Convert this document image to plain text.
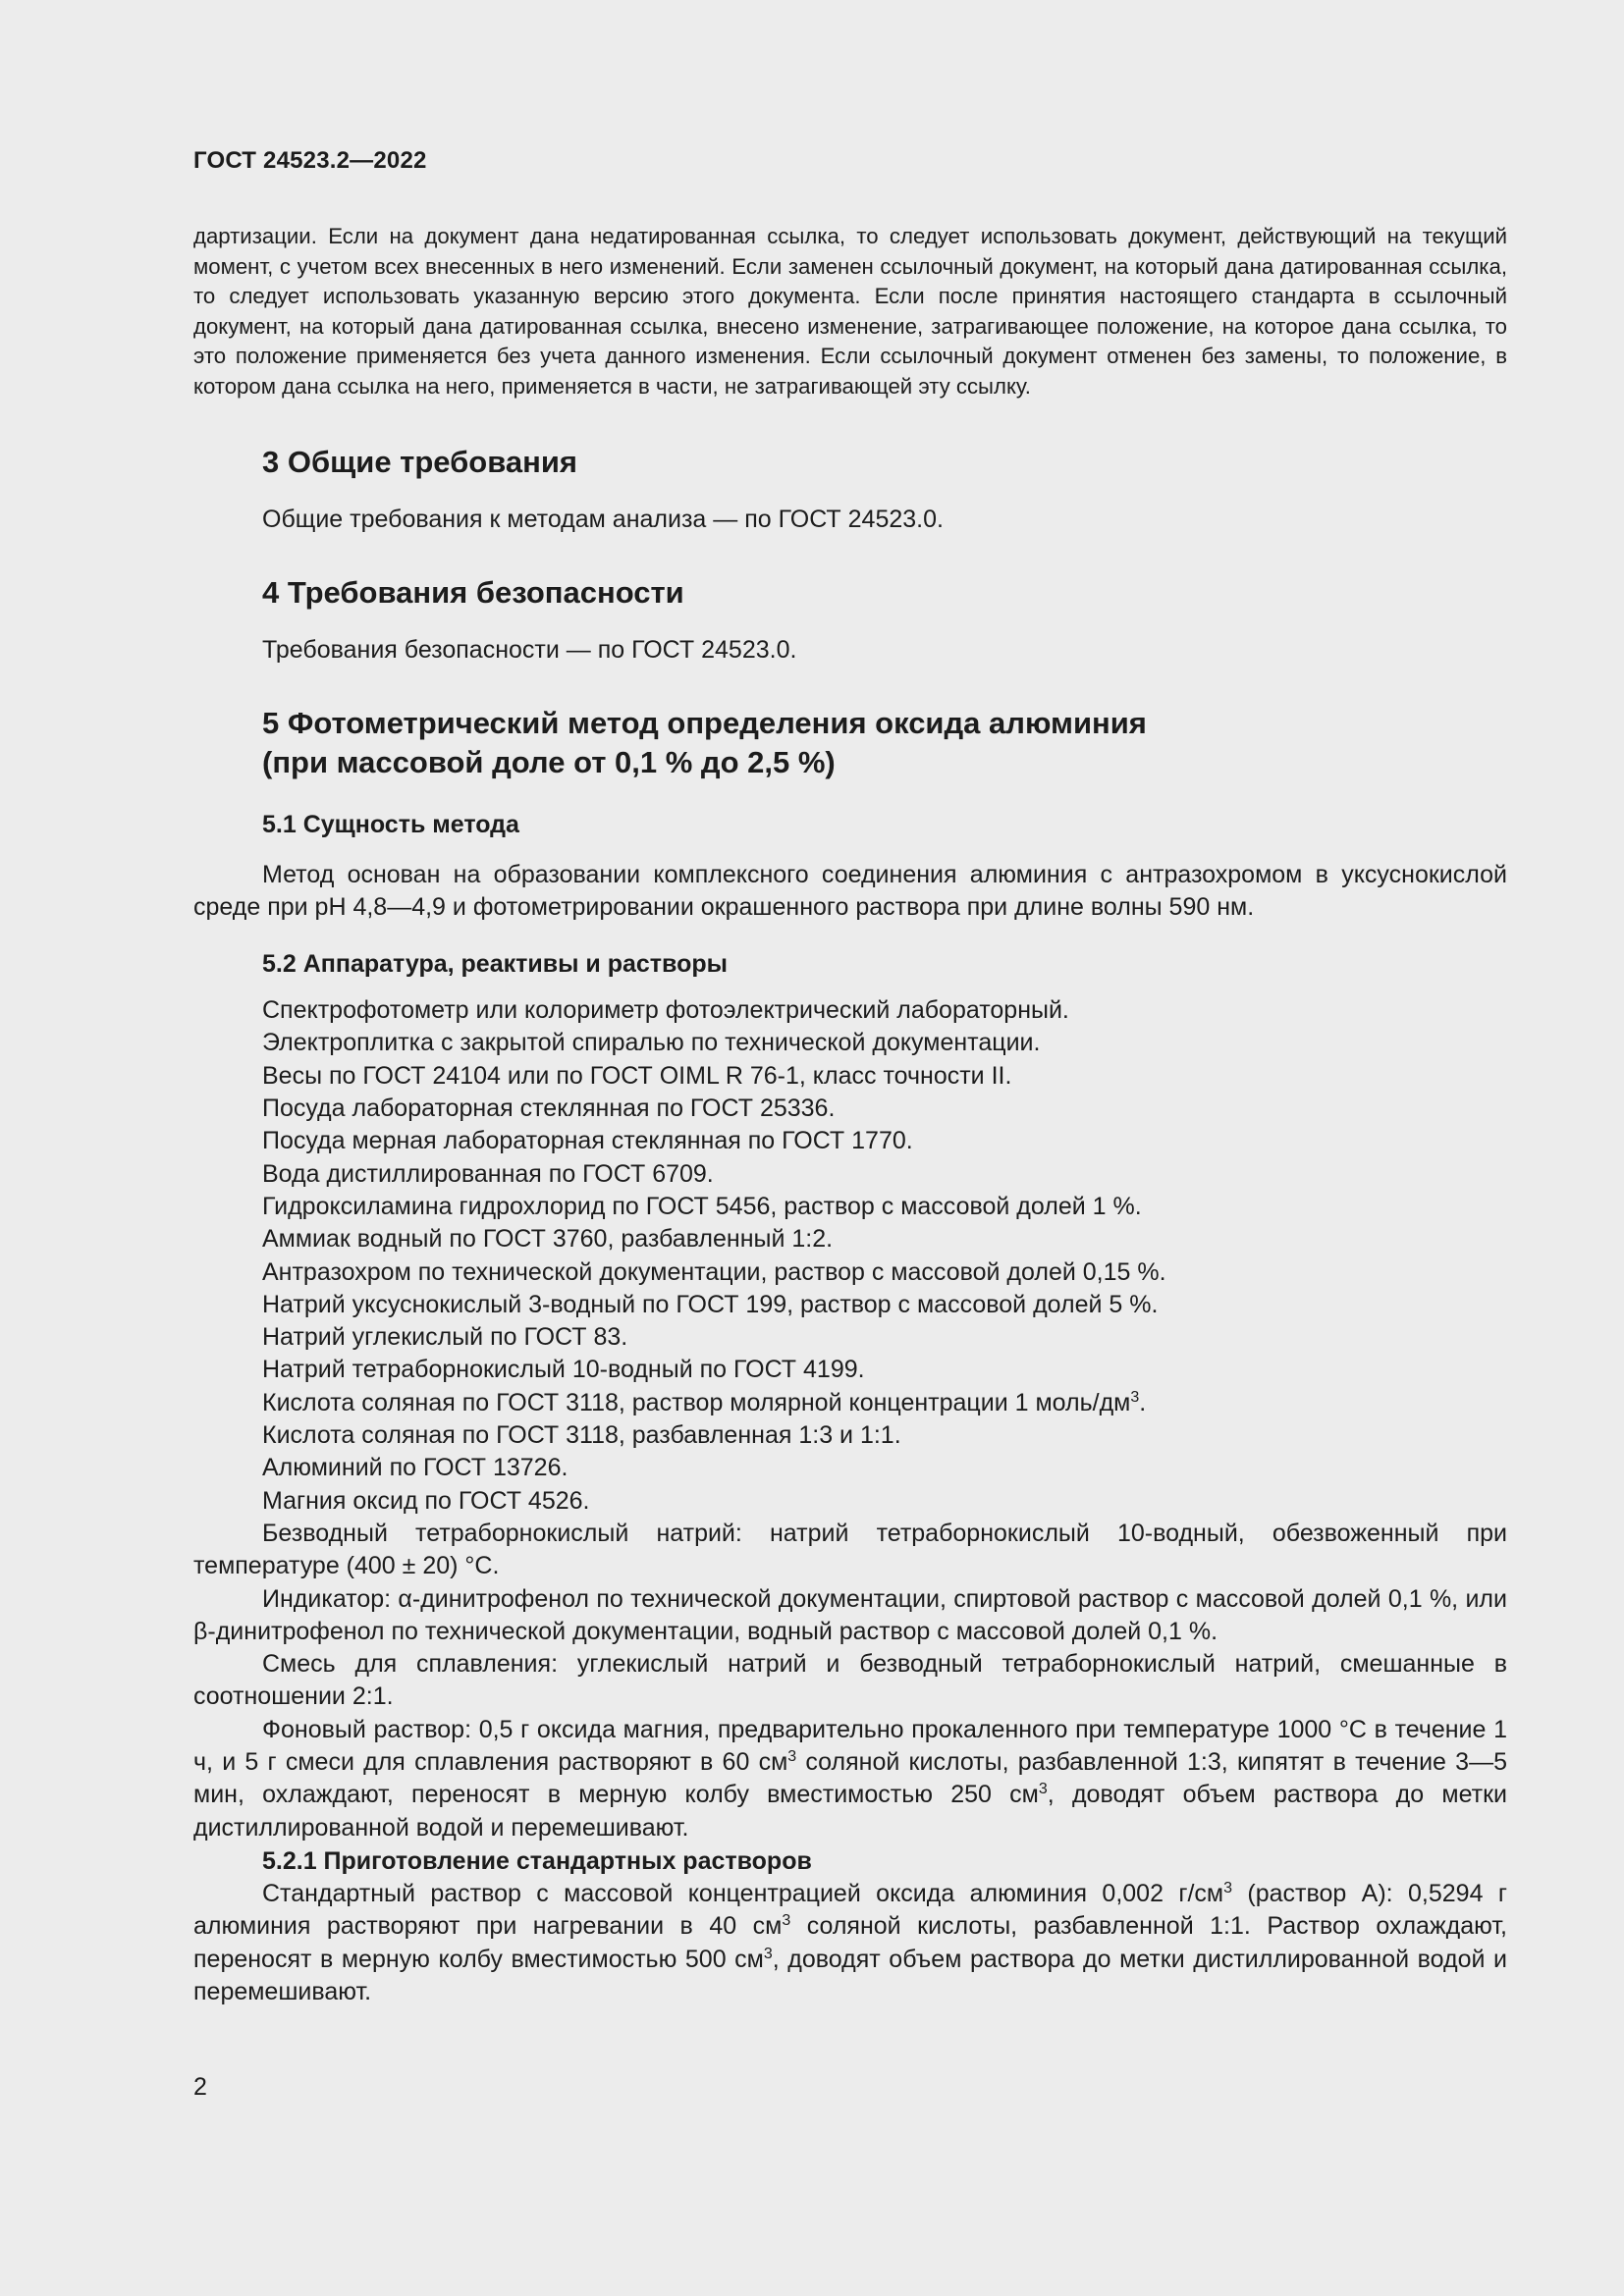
ГОСТ 24523.2—2022

дартизации. Если на документ дана недатированная ссылка, то следует использовать документ, действующий на текущий момент, с учетом всех внесенных в него изменений. Если заменен ссылочный документ, на который дана датированная ссылка, то следует использовать указанную версию этого документа. Если после принятия настоящего стандарта в ссылочный документ, на который дана датированная ссылка, внесено изменение, затрагивающее положение, на которое дана ссылка, то это положение применяется без учета данного изменения. Если ссылочный документ отменен без замены, то положение, в котором дана ссылка на него, применяется в части, не затрагивающей эту ссылку.

3 Общие требования

Общие требования к методам анализа — по ГОСТ 24523.0.

4 Требования безопасности

Требования безопасности — по ГОСТ 24523.0.

5 Фотометрический метод определения оксида алюминия
(при массовой доле от 0,1 % до 2,5 %)
5.1 Сущность метода

Метод основан на образовании комплексного соединения алюминия с антразохромом в уксуснокислой среде при pH 4,8—4,9 и фотометрировании окрашенного раствора при длине волны 590 нм.

5.2 Аппаратура, реактивы и растворы

Спектрофотометр или колориметр фотоэлектрический лабораторный.

Электроплитка с закрытой спиралью по технической документации.

Весы по ГОСТ 24104 или по ГОСТ OIML R 76-1, класс точности II.

Посуда лабораторная стеклянная по ГОСТ 25336.

Посуда мерная лабораторная стеклянная по ГОСТ 1770.

Вода дистиллированная по ГОСТ 6709.

Гидроксиламина гидрохлорид по ГОСТ 5456, раствор с массовой долей 1 %.

Аммиак водный по ГОСТ 3760, разбавленный 1:2.

Антразохром по технической документации, раствор с массовой долей 0,15 %.

Натрий уксуснокислый 3-водный по ГОСТ 199, раствор с массовой долей 5 %.

Натрий углекислый по ГОСТ 83.

Натрий тетраборнокислый 10-водный по ГОСТ 4199.

Кислота соляная по ГОСТ 3118, раствор молярной концентрации 1 моль/$дм^3$.

Кислота соляная по ГОСТ 3118, разбавленная 1:3 и 1:1.

Алюминий по ГОСТ 13726.

Магния оксид по ГОСТ 4526.

Безводный тетраборнокислый натрий: натрий тетраборнокислый 10-водный, обезвоженный при температуре (400 ± 20) °C.

Индикатор: α-динитрофенол по технической документации, спиртовой раствор с массовой долей 0,1 %, или β-динитрофенол по технической документации, водный раствор с массовой долей 0,1 %.

Смесь для сплавления: углекислый натрий и безводный тетраборнокислый натрий, смешанные в соотношении 2:1.

Фоновый раствор: 0,5 г оксида магния, предварительно прокаленного при температуре 1000 °C в течение 1 ч, и 5 г смеси для сплавления растворяют в 60 $см^3$ соляной кислоты, разбавленной 1:3, кипятят в течение 3—5 мин, охлаждают, переносят в мерную колбу вместимостью 250 $см^3$, доводят объем раствора до метки дистиллированной водой и перемешивают.

5.2.1 Приготовление стандартных растворов

Стандартный раствор с массовой концентрацией оксида алюминия 0,002 $г/см^3$ (раствор А): 0,5294 г алюминия растворяют при нагревании в 40 $см^3$ соляной кислоты, разбавленной 1:1. Раствор охлаждают, переносят в мерную колбу вместимостью 500 $см^3$, доводят объем раствора до метки дистиллированной водой и перемешивают.

2
